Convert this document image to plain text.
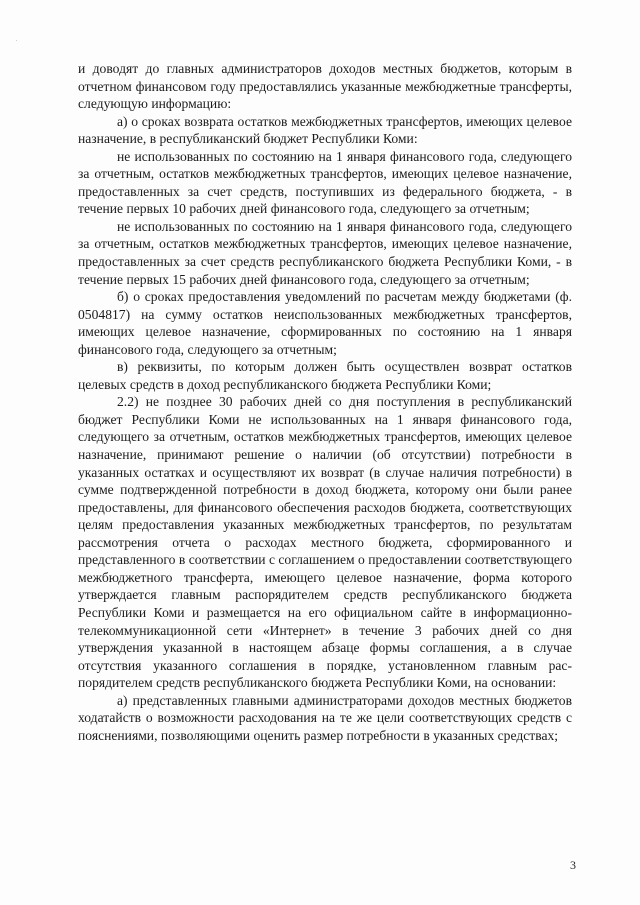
и доводят до главных администраторов доходов местных бюджетов, которым в отчетном финансовом году предоставлялись указанные межбюджетные трансферты, следующую информацию:

а) о сроках возврата остатков межбюджетных трансфертов, имеющих целевое назначение, в республиканский бюджет Республики Коми:

не использованных по состоянию на 1 января финансового года, следующего за отчетным, остатков межбюджетных трансфертов, имеющих целевое назначение, предоставленных за счет средств, поступивших из федерального бюджета, - в течение первых 10 рабочих дней финансового года, следующего за отчетным;

не использованных по состоянию на 1 января финансового года, следующего за отчетным, остатков межбюджетных трансфертов, имеющих целевое назначение, предоставленных за счет средств республиканского бюджета Республики Коми, - в течение первых 15 рабочих дней финансового года, следующего за отчетным;

б) о сроках предоставления уведомлений по расчетам между бюджетами (ф. 0504817) на сумму остатков неиспользованных межбюджетных трансфертов, имеющих целевое назначение, сформированных по состоянию на 1 января финансового года, следующего за отчетным;

в) реквизиты, по которым должен быть осуществлен возврат остатков целевых средств в доход республиканского бюджета Республики Коми;

2.2) не позднее 30 рабочих дней со дня поступления в республиканский бюджет Республики Коми не использованных на 1 января финансового года, следующего за отчетным, остатков межбюджетных трансфертов, имеющих целевое назначение, принимают решение о наличии (об отсутствии) потребности в указанных остатках и осуществляют их возврат (в случае наличия потребности) в сумме подтвержденной потребности в доход бюджета, которому они были ранее предоставлены, для финансового обеспечения расходов бюджета, соответствующих целям предоставления указанных межбюджетных трансфертов, по результатам рассмотрения отчета о расходах местного бюджета, сформированного и представленного в соответствии с соглашением о предоставлении соответствующего межбюджетного трансферта, имеющего целевое назначение, форма которого утверждается главным распорядителем средств республиканского бюджета Республики Коми и размещается на его официальном сайте в информационно-телекоммуникационной сети «Интернет» в течение 3 рабочих дней со дня утверждения указанной в настоящем абзаце формы соглашения, а в случае отсутствия указанного соглашения в порядке, установленном главным распорядителем средств республиканского бюджета Республики Коми, на основании:

а) представленных главными администраторами доходов местных бюджетов ходатайств о возможности расходования на те же цели соответствующих средств с пояснениями, позволяющими оценить размер потребности в указанных средствах;

3
